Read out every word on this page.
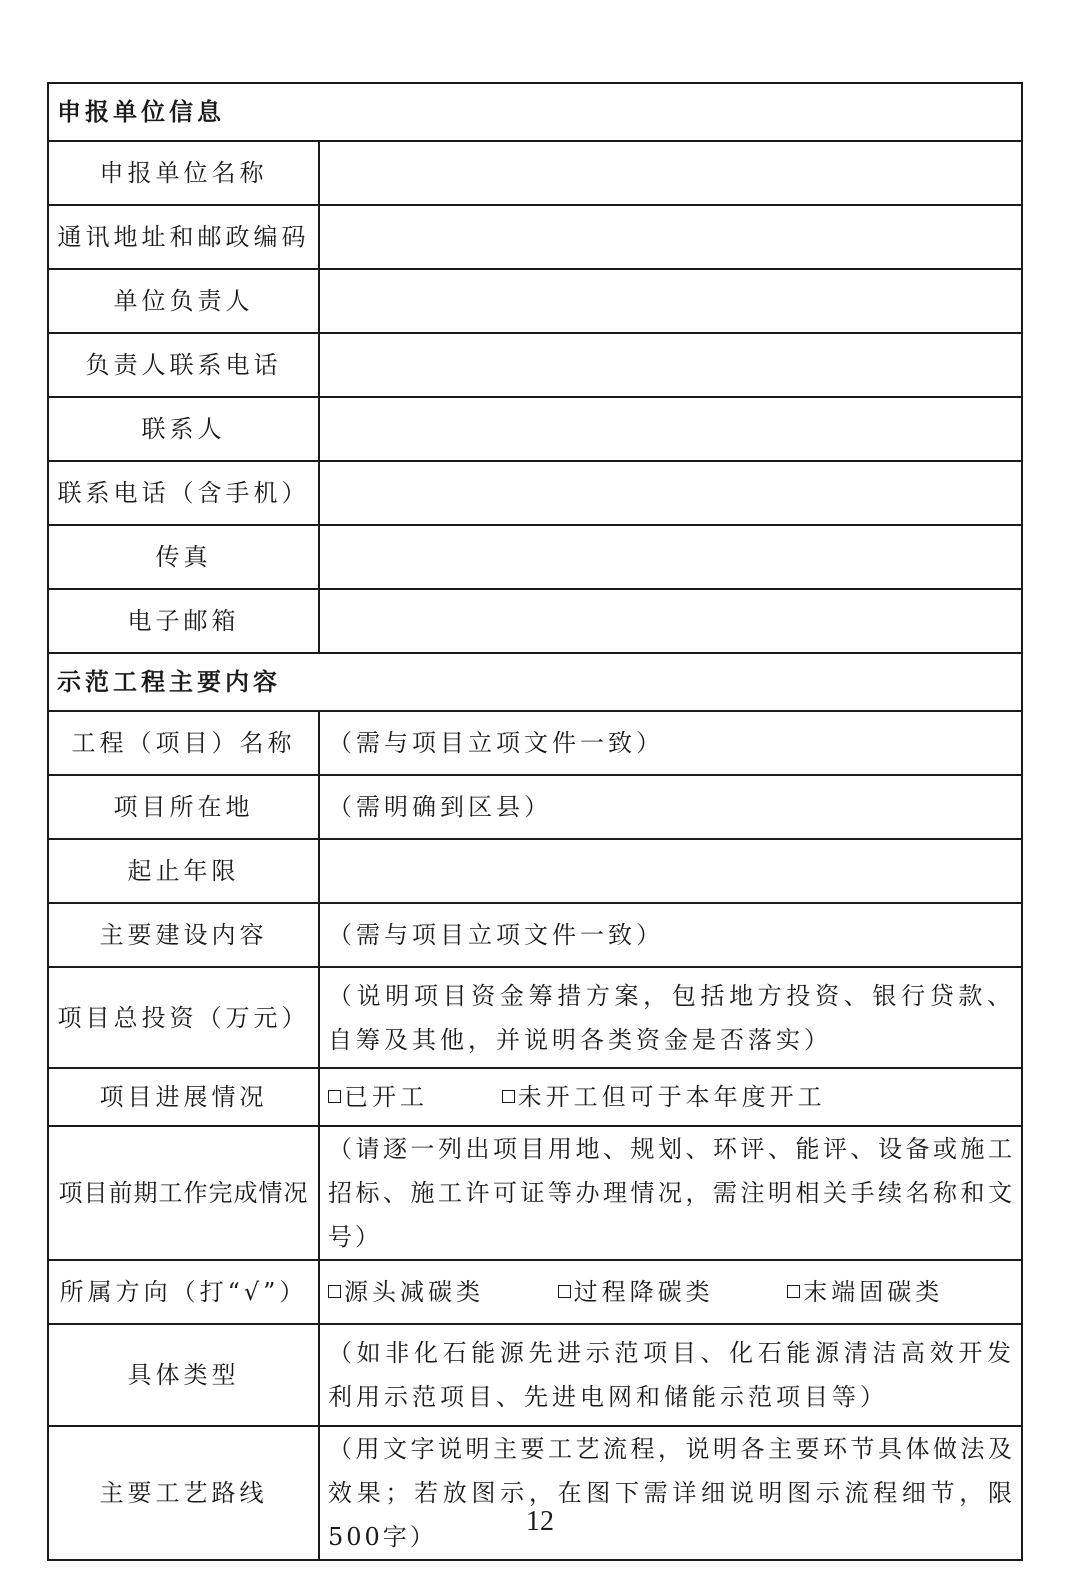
申报单位信息	
申报单位名称	
通讯地址和邮政编码	
单位负责人	
负责人联系电话	
联系人	
联系电话（含手机）	
传真	
电子邮箱	
示范工程主要内容	
工程（项目）名称	（需与项目立项文件一致）
项目所在地	（需明确到区县）
起止年限	
主要建设内容	（需与项目立项文件一致）
项目总投资（万元）	（说明项目资金筹措方案，包括地方投资、银行贷款、自筹及其他，并说明各类资金是否落实）
项目进展情况	已开工 未开工但可于本年度开工
项目前期工作完成情况	（请逐一列出项目用地、规划、环评、能评、设备或施工招标、施工许可证等办理情况，需注明相关手续名称和文号）
所属方向（打“√”）	源头减碳类 过程降碳类 末端固碳类
具体类型	（如非化石能源先进示范项目、化石能源清洁高效开发利用示范项目、先进电网和储能示范项目等）
主要工艺路线	（用文字说明主要工艺流程，说明各主要环节具体做法及效果；若放图示，在图下需详细说明图示流程细节，限500字）	12
